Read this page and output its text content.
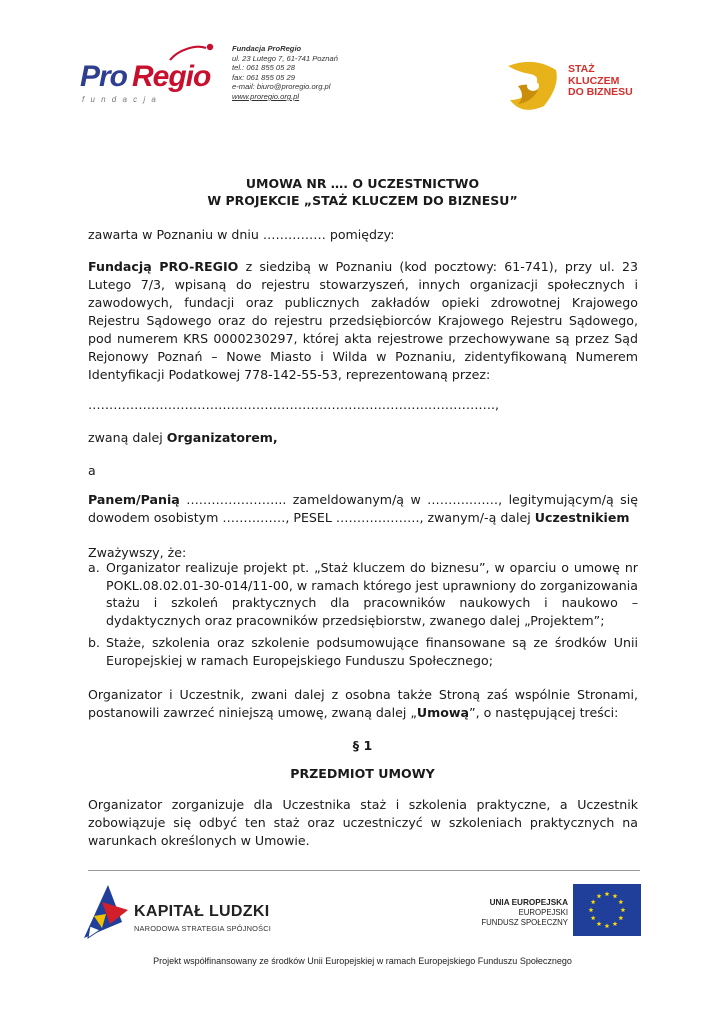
Pro Regio
f u n d a c j a
Fundacja ProRegio
ul. 23 Lutego 7, 61-741 Poznań
tel.: 061 855 05 28
fax: 061 855 05 29
e-mail: biuro@proregio.org.pl
www.proregio.org.pl
STAŻ
KLUCZEM
DO BIZNESU
UMOWA NR …. O UCZESTNICTWO
W PROJEKCIE „STAŻ KLUCZEM DO BIZNESU”
zawarta w Poznaniu w dniu …………… pomiędzy:
Fundacją PRO-REGIO z siedzibą w Poznaniu (kod pocztowy: 61-741), przy ul. 23 Lutego 7/3, wpisaną do rejestru stowarzyszeń, innych organizacji społecznych i zawodowych, fundacji oraz publicznych zakładów opieki zdrowotnej Krajowego Rejestru Sądowego oraz do rejestru przedsiębiorców Krajowego Rejestru Sądowego, pod numerem KRS 0000230297, której akta rejestrowe przechowywane są przez Sąd Rejonowy Poznań – Nowe Miasto i Wilda w Poznaniu, zidentyfikowaną Numerem Identyfikacji Podatkowej 778-142-55-53, reprezentowaną przez:
…………………………………………………………………………………….,
zwaną dalej Organizatorem,
a
Panem/Panią …………………... zameldowanym/ą w ………..……, legitymującym/ą się dowodem osobistym ……………, PESEL ………….……., zwanym/-ą dalej Uczestnikiem
Zważywszy, że:
a. Organizator realizuje projekt pt. „Staż kluczem do biznesu”, w oparciu o umowę nr POKL.08.02.01-30-014/11-00, w ramach którego jest uprawniony do zorganizowania stażu i szkoleń praktycznych dla pracowników naukowych i naukowo – dydaktycznych oraz pracowników przedsiębiorstw, zwanego dalej „Projektem”;
b. Staże, szkolenia oraz szkolenie podsumowujące finansowane są ze środków Unii Europejskiej w ramach Europejskiego Funduszu Społecznego;
Organizator i Uczestnik, zwani dalej z osobna także Stroną zaś wspólnie Stronami, postanowili zawrzeć niniejszą umowę, zwaną dalej „Umową”, o następującej treści:
§ 1
PRZEDMIOT UMOWY
Organizator zorganizuje dla Uczestnika staż i szkolenia praktyczne, a Uczestnik zobowiązuje się odbyć ten staż oraz uczestniczyć w szkoleniach praktycznych na warunkach określonych w Umowie.
KAPITAŁ LUDZKI
NARODOWA STRATEGIA SPÓJNOŚCI
UNIA EUROPEJSKA
EUROPEJSKI
FUNDUSZ SPOŁECZNY
Projekt współfinansowany ze środków Unii Europejskiej w ramach Europejskiego Funduszu Społecznego
